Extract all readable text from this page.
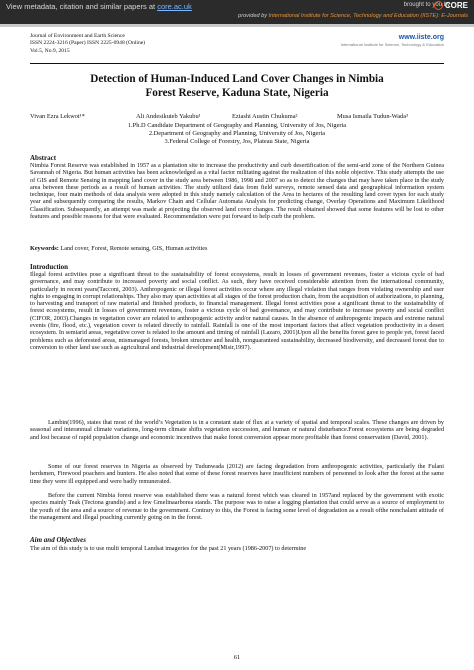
View metadata, citation and similar papers at core.ac.uk	brought to you by
CORE
provided by International Institute for Science, Technology and Education (IISTE): E-Journals
Journal of Environment and Earth Science
ISSN 2224-3216 (Paper) ISSN 2225-0948 (Online)
Vol.5, No.9, 2015
www.iiste.org
International Institute for Science, Technology & Education
Detection of Human-Induced Land Cover Changes in Nimbia
Forest Reserve, Kaduna State, Nigeria
Vivan Ezra Lekwot¹*	Ali Andesikuteb Yakubu¹	Eziashi Austin Chukuma²	Musa Ismaila Tudun-Wada³
1.Ph.D Candidate Department of Geography and Planning, University of Jos, Nigeria
2.Department of Geography and Planning, University of Jos, Nigeria
3.Federal College of Forestry, Jos, Plateau State, Nigeria
Abstract

Nimbia Forest Reserve was established in 1957 as a plantation site to increase the productivity and curb desertification of the semi-arid zone of the Northern Guinea Savannah of Nigeria. But human activities has been acknowledged as a vital factor militating against the realization of this noble objective. This study attempts the use of GIS and Remote Sensing in mapping land cover in the study area between 1986, 1998 and 2007 so as to detect the changes that may have taken place in the study area between these periods as a result of human activities. The study utilized data from field surveys, remote sensed data and geographical information system technique, four main methods of data analysis were adopted in this study namely calculation of the Area in hectares of the resulting land cover types for each study year and subsequently comparing the results, Markov Chain and Cellular Automata Analysis for predicting change, Overlay Operations and Maximum Likelihood Classification. Subsequently, an attempt was made at projecting the observed land cover changes. The result obtained showed that some features will be lost to other features and possible reasons for that were evaluated. Recommendation were put forward to help curb the problem.

Keywords: Land cover, Forest, Remote sensing, GIS, Human activities
Introduction

Illegal forest activities pose a significant threat to the sustainability of forest ecosystems, result in losses of government revenues, foster a vicious cycle of bad governance, and may contribute to increased poverty and social conflict. As such, they have received considerable attention from the international community, particularly in recent years(Tacconi, 2003). Anthropogenic or illegal forest activities occur where any illegal violation that ranges from violating ownership and user rights to engaging in corrupt relationships. They also may span activities at all stages of the forest production chain, from the acquisition of authorizations, to planning, to harvesting and transport of raw material and finished products, to financial management. Illegal forest activities pose a significant threat to the sustainability of forest ecosystems, result in losses of government revenues, foster a vicious cycle of bad governance, and may contribute to increase poverty and social conflict (CIFOR, 2003).Changes in vegetation cover are related to anthropogenic activity and/or natural causes. In the absence of anthropogenic impacts and extreme natural events (fire, flood, etc.), vegetation cover is related directly to rainfall. Rainfall is one of the most important factors that affect vegetation productivity in a desert ecosystem. In semiarid areas, vegetative cover is related to the amount and timing of rainfall (Lazaro, 2001)Upon all the benefits forest gave to people yet, forest faced problems such as deforested areas, mismanaged forests, broken structure and health, nonguaranteed sustainability, decreased biodiversity, and decreased forest due to conversion to other land use such as agricultural and industrial development(Misir,1997).

Lambin(1996), states that most of the world’s Vegetation is in a constant state of flux at a variety of spatial and temporal scales. These changes are driven by seasonal and interannual climate variations, long-term climate shifts vegetation succession, and human or natural disturbance.Forest ecosystems are being degraded and lost because of rapid population change and economic incentives that make forest conversion appear more profitable than forest conservation (David, 2001).

Some of our forest reserves in Nigeria as observed by Tudunwada (2012) are facing degradation from anthropogenic activities, particularly the Fulani herdsmen, Firewood poachers and hunters. He also noted that some of these forest reserves have insufficient numbers of personnel to look after the forest at the same time they were ill equipped and were badly remunerated.

Before the current Nimbia forest reserve was established there was a natural forest which was cleared in 1957and replaced by the government with exotic species mainly Teak (Tectona grandis) and a few Gmelinaarborea stands. The purpose was to raise a logging plantation that could serve as a source of employment to the youth of the area and a source of revenue to the government. Contrary to this, the Forest is facing some level of degradation as a result ofthe nonchalant attitude of the management and illegal poaching currently going on in the forest.

Aim and Objectives

The aim of this study is to use multi temporal Landsat imageries for the past 21 years (1986-2007) to determine

61
